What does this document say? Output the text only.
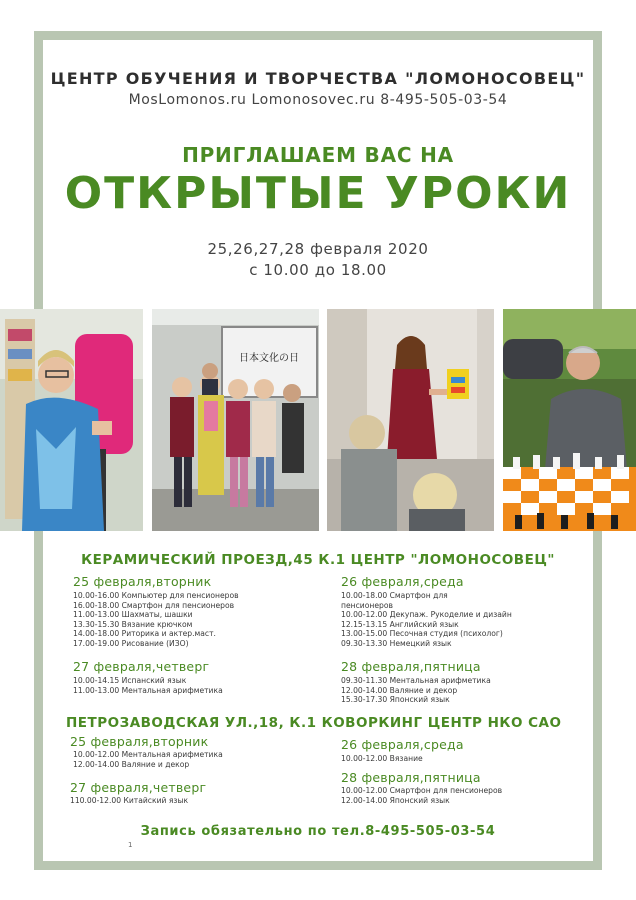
ЦЕНТР ОБУЧЕНИЯ И ТВОРЧЕСТВА "ЛОМОНОСОВЕЦ"
MosLomonos.ru Lomonosovec.ru 8-495-505-03-54
ПРИГЛАШАЕМ ВАС НА
ОТКРЫТЫЕ УРОКИ
25,26,27,28 февраля 2020
с 10.00 до 18.00
日本文化の日
КЕРАМИЧЕСКИЙ ПРОЕЗД,45 К.1 ЦЕНТР "ЛОМОНОСОВЕЦ"
25 февраля,вторник
10.00-16.00 Компьютер для пенсионеров
16.00-18.00 Смартфон для пенсионеров
11.00-13.00 Шахматы, шашки
13.30-15.30 Вязание крючком
14.00-18.00 Риторика и актер.маст.
17.00-19.00 Рисование (ИЗО)
26 февраля,среда
10.00-18.00 Смартфон для
пенсионеров
10.00-12.00 Декупаж. Рукоделие и дизайн
12.15-13.15 Английский язык
13.00-15.00 Песочная студия (психолог)
09.30-13.30 Немецкий язык
27 февраля,четверг
10.00-14.15 Испанский язык
11.00-13.00 Ментальная арифметика
28 февраля,пятница
09.30-11.30 Ментальная арифметика
12.00-14.00 Валяние и декор
15.30-17.30 Японский язык
ПЕТРОЗАВОДСКАЯ УЛ.,18, К.1 КОВОРКИНГ ЦЕНТР НКО САО
25 февраля,вторник
10.00-12.00 Ментальная арифметика
12.00-14.00 Валяние и декор
26 февраля,среда
10.00-12.00 Вязание
27 февраля,четверг
110.00-12.00 Китайский язык
28 февраля,пятница
10.00-12.00 Смартфон для пенсионеров
12.00-14.00 Японский язык
Запись обязательно по тел.8-495-505-03-54
1
